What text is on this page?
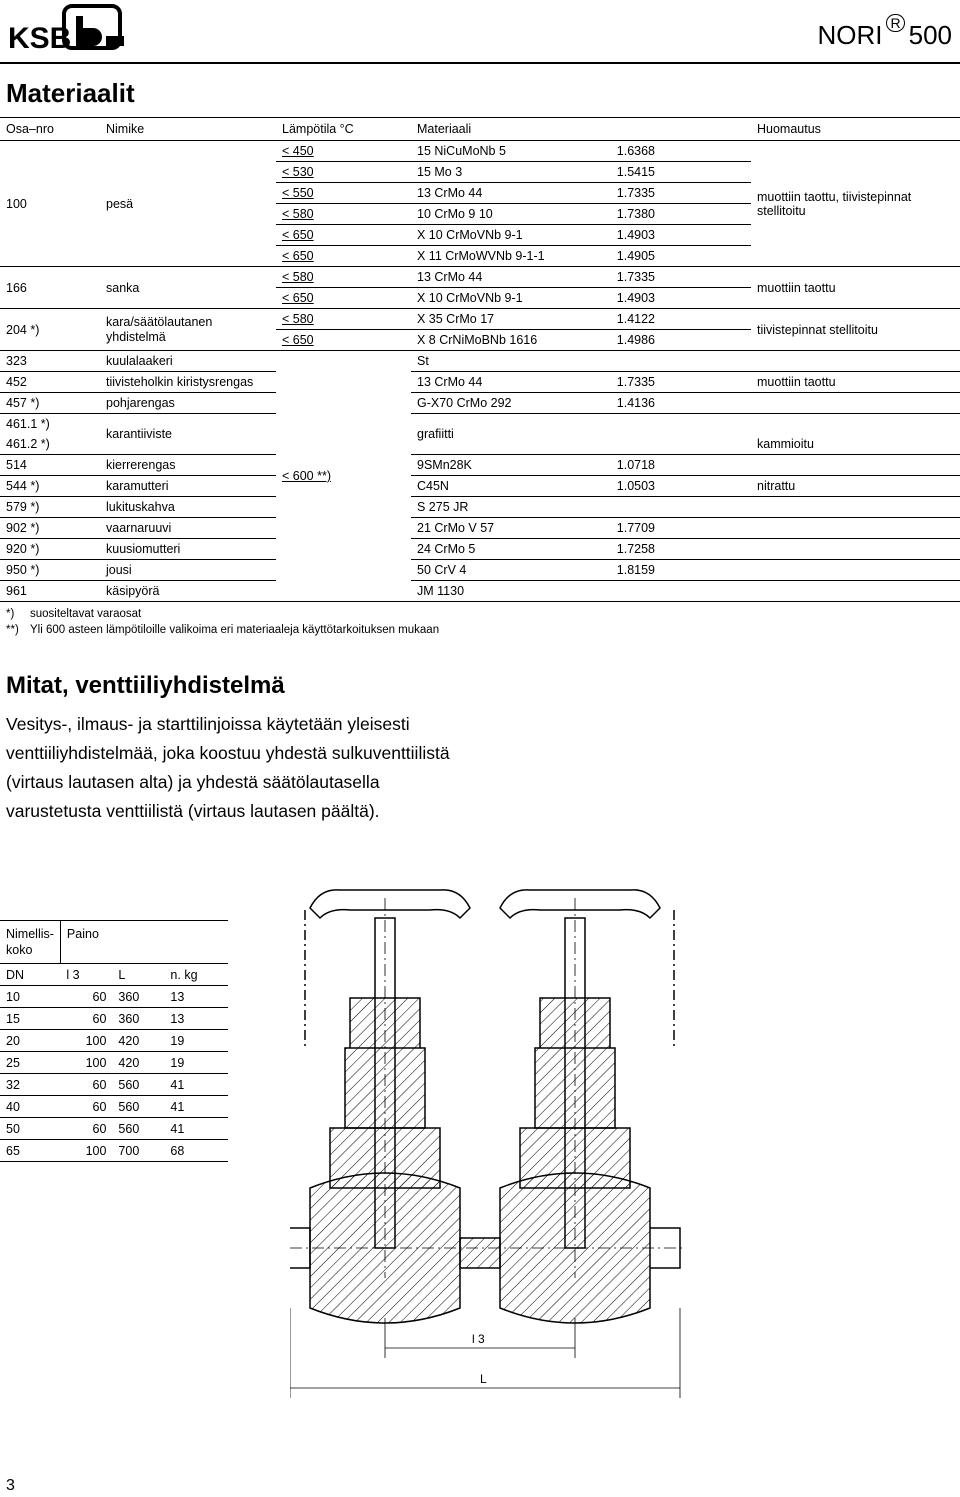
KSB	NORI $^R$ 500
Materiaalit
Osa–nro	Nimike	Lämpötila °C	Materiaali	Huomautus
100	pesä	< 450	15 NiCuMoNb 5 1.6368	muottiin taottu, tiivistepinnat stellitoitu
		< 530	15 Mo 3 1.5415	

		< 550	13 CrMo 44 1.7335	

		< 580	10 CrMo 9 10 1.7380	

		< 650	X 10 CrMoVNb 9-1 1.4903	

		< 650	X 11 CrMoWVNb 9-1-1 1.4905	

166	sanka	< 580	13 CrMo 44 1.7335	muottiin taottu
		< 650	X 10 CrMoVNb 9-1 1.4903	

204 *)	kara/säätölautanen yhdistelmä	< 580	X 35 CrMo 17 1.4122	tiivistepinnat stellitoitu
		< 650	X 8 CrNiMoBNb 1616 1.4986	

323	kuulalaakeri	< 600 **)	St	
452	tiivisteholkin kiristysrengas		13 CrMo 44 1.7335	muottiin taottu
457 *)	pohjarengas		G-X70 CrMo 292 1.4136	

461.1 *)	karantiiviste		grafiitti	
461.2 *)				kammioitu
514	kierrerengas		9SMn28K 1.0718	

544 *)	karamutteri		C45N 1.0503	nitrattu
579 *)	lukituskahva		S 275 JR	
902 *)	vaarnaruuvi		21 CrMo V 57 1.7709	

920 *)	kuusiomutteri		24 CrMo 5 1.7258	

950 *)	jousi		50 CrV 4 1.8159	

961	käsipyörä		JM 1130	
*) suositeltavat varaosat				
**) Yli 600 asteen lämpötiloille valikoima eri materiaaleja käyttötarkoituksen mukaan				
Mitat, venttiiliyhdistelmä
Vesitys-, ilmaus- ja starttilinjoissa käytetään yleisesti venttiiliyhdistelmää, joka koostuu yhdestä sulkuventtiilistä (virtaus lautasen alta) ja yhdestä säätölautasella varustetusta venttiilistä (virtaus lautasen päältä).
Nimellis-koko	Paino		
DN	l 3	L	n. kg
10	60	360	13
15	60	360	13
20	100	420	19
25	100	420	19
32	60	560	41
40	60	560	41
50	60	560	41
65	100	700	68
l 3
L
3
